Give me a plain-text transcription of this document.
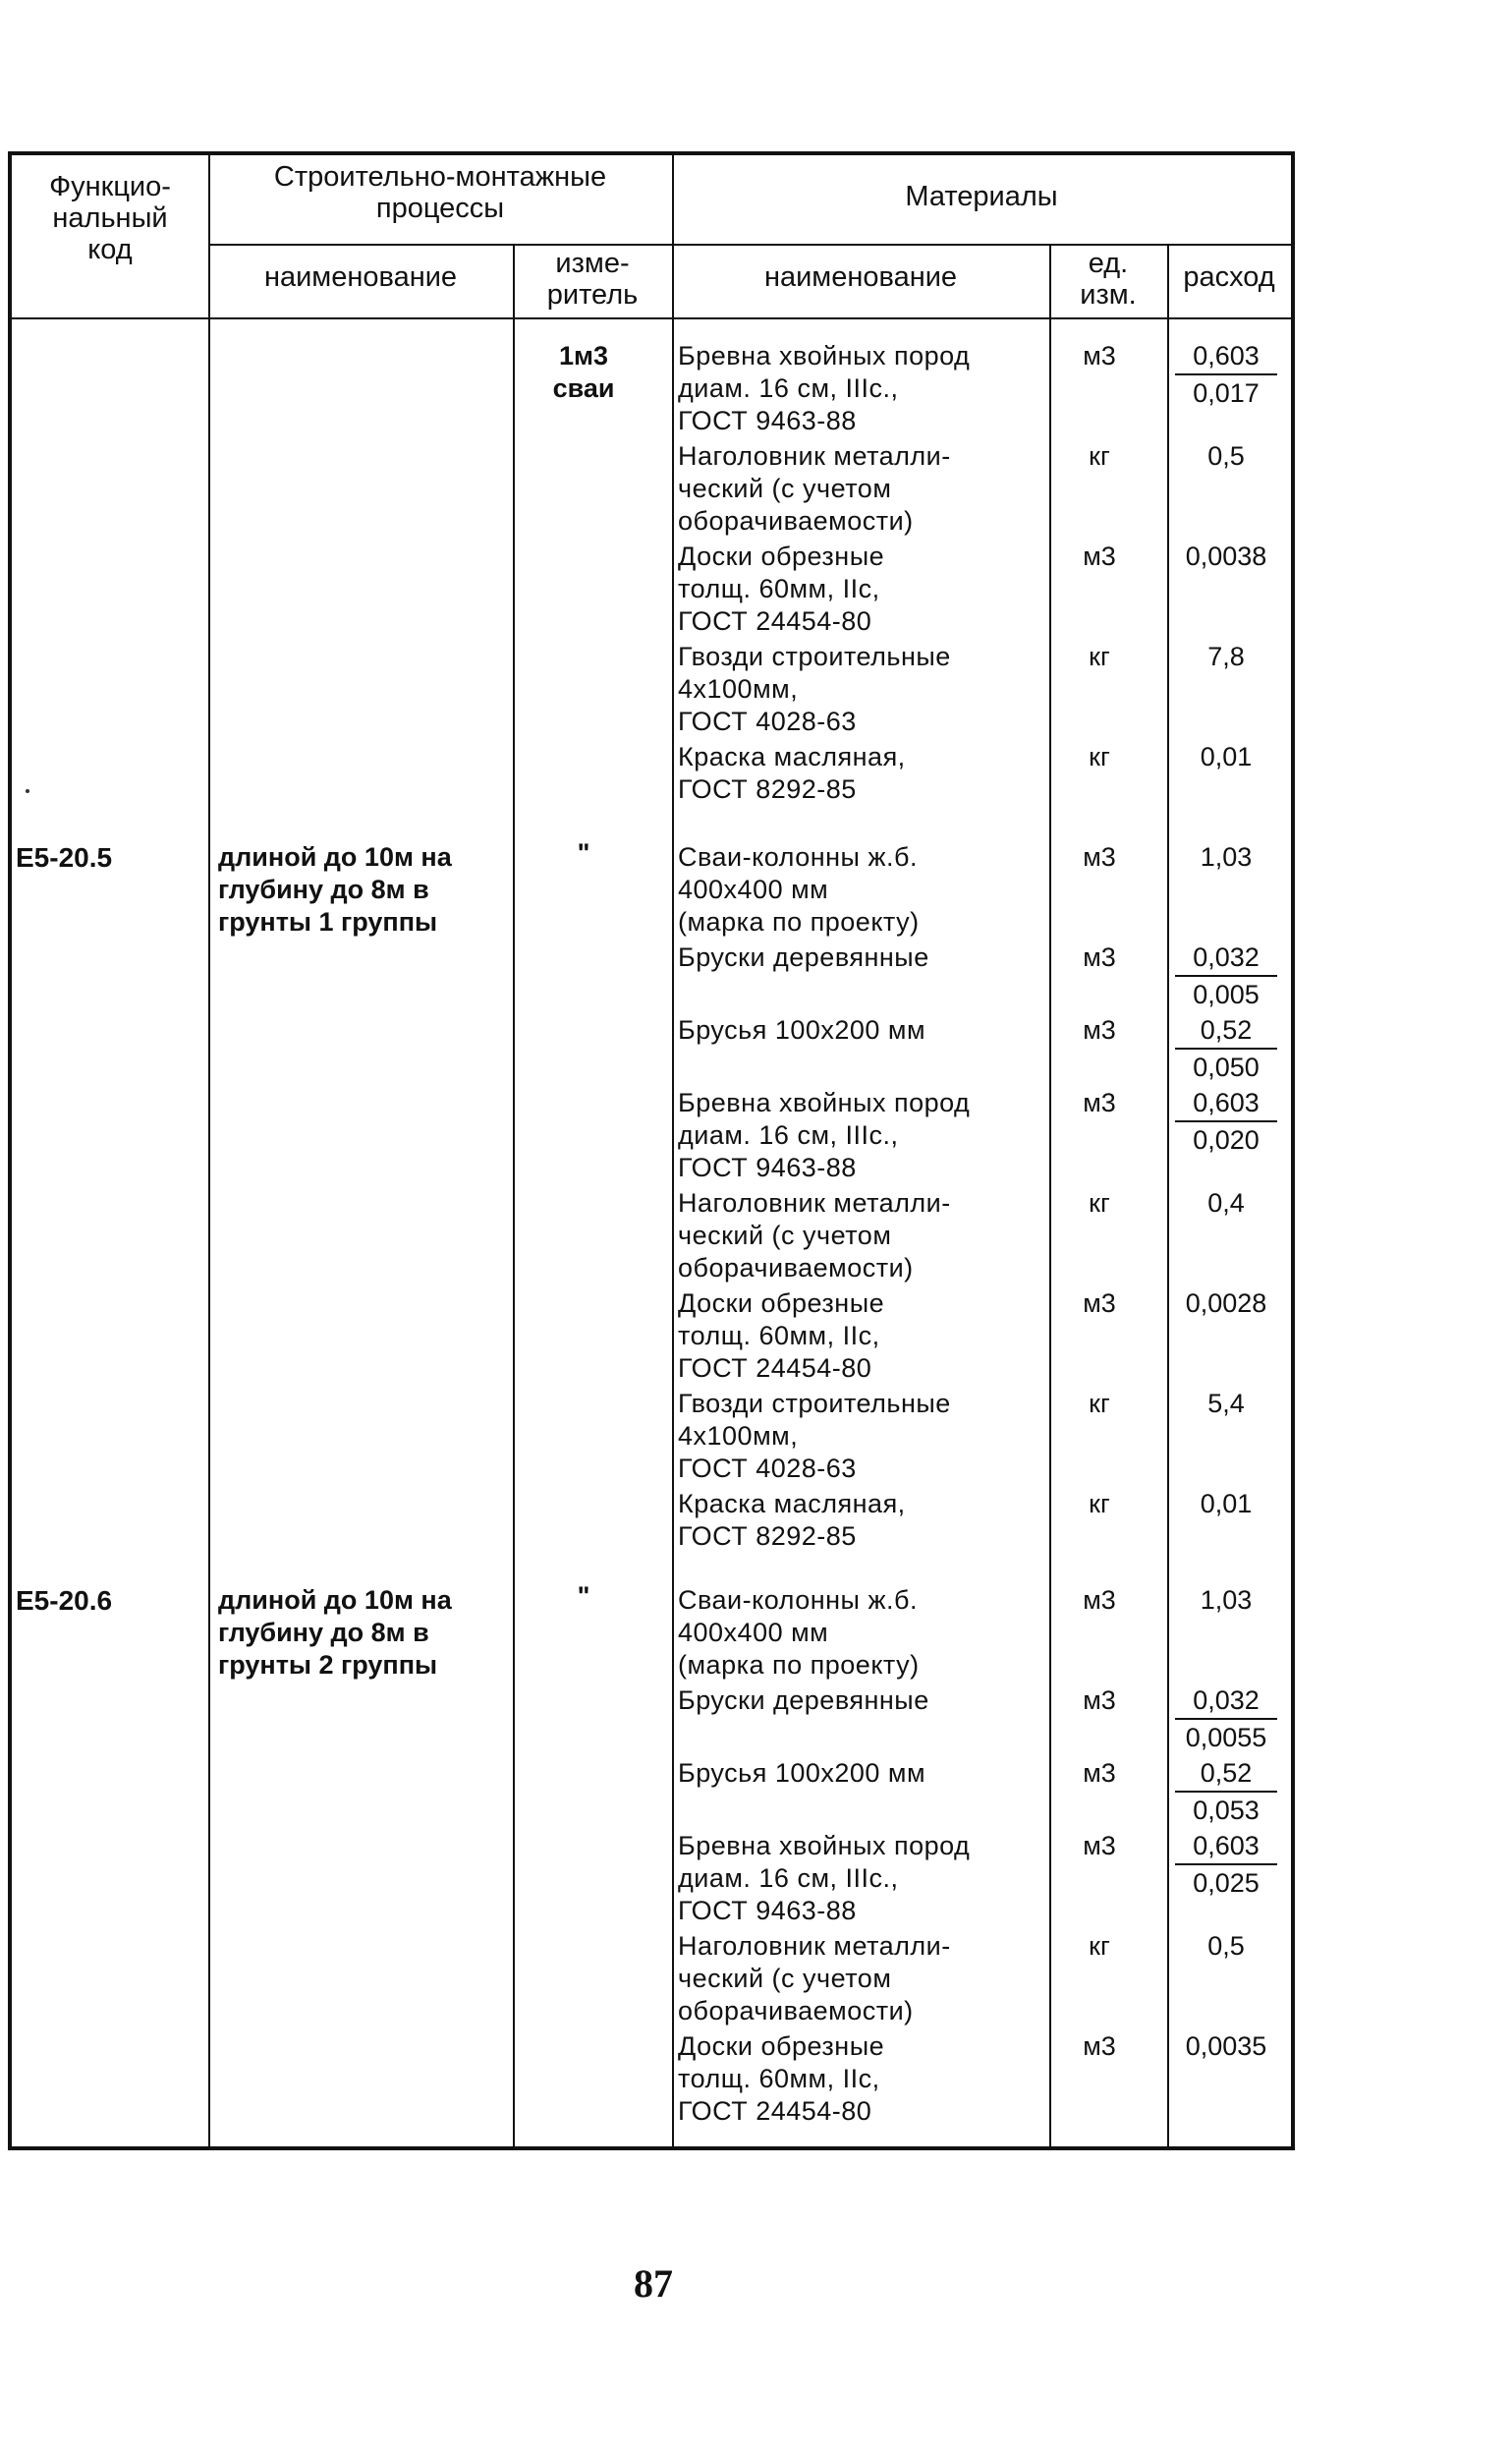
Функцио-
нальный
код
Строительно-монтажные
процессы
наименование	изме-
ритель
Материалы
наименование	ед.
изм.
расход
1м3
сваи
Бревна хвойных пород
диам. 16 см, IIIс.,
ГОСТ 9463-88
м3	$\frac{0,603}{0,017}$
Наголовник металли-
ческий (с учетом
оборачиваемости)
кг	0,5
Доски обрезные
толщ. 60мм, IIс,
ГОСТ 24454-80
м3	0,0038
Гвозди строительные
4х100мм,
ГОСТ 4028-63
кг	7,8
Краска масляная,
ГОСТ 8292-85
кг	0,01
Е5-20.5	длиной до 10м на
глубину до 8м в
грунты 1 группы
"	Сваи-колонны ж.б.
400х400 мм
(марка по проекту)
м3	1,03
Бруски деревянные	м3	$\frac{0,032}{0,005}$
Брусья 100х200 мм	м3	$\frac{0,52}{0,050}$
Бревна хвойных пород
диам. 16 см, IIIс.,
ГОСТ 9463-88
м3	$\frac{0,603}{0,020}$
Наголовник металли-
ческий (с учетом
оборачиваемости)
кг	0,4
Доски обрезные
толщ. 60мм, IIс,
ГОСТ 24454-80
м3	0,0028
Гвозди строительные
4х100мм,
ГОСТ 4028-63
кг	5,4
Краска масляная,
ГОСТ 8292-85
кг	0,01
Е5-20.6	длиной до 10м на
глубину до 8м в
грунты 2 группы
"	Сваи-колонны ж.б.
400х400 мм
(марка по проекту)
м3	1,03
Бруски деревянные	м3	$\frac{0,032}{0,0055}$
Брусья 100х200 мм	м3	$\frac{0,52}{0,053}$
Бревна хвойных пород
диам. 16 см, IIIс.,
ГОСТ 9463-88
м3	$\frac{0,603}{0,025}$
Наголовник металли-
ческий (с учетом
оборачиваемости)
кг	0,5
Доски обрезные
толщ. 60мм, IIс,
ГОСТ 24454-80
м3	0,0035
87
